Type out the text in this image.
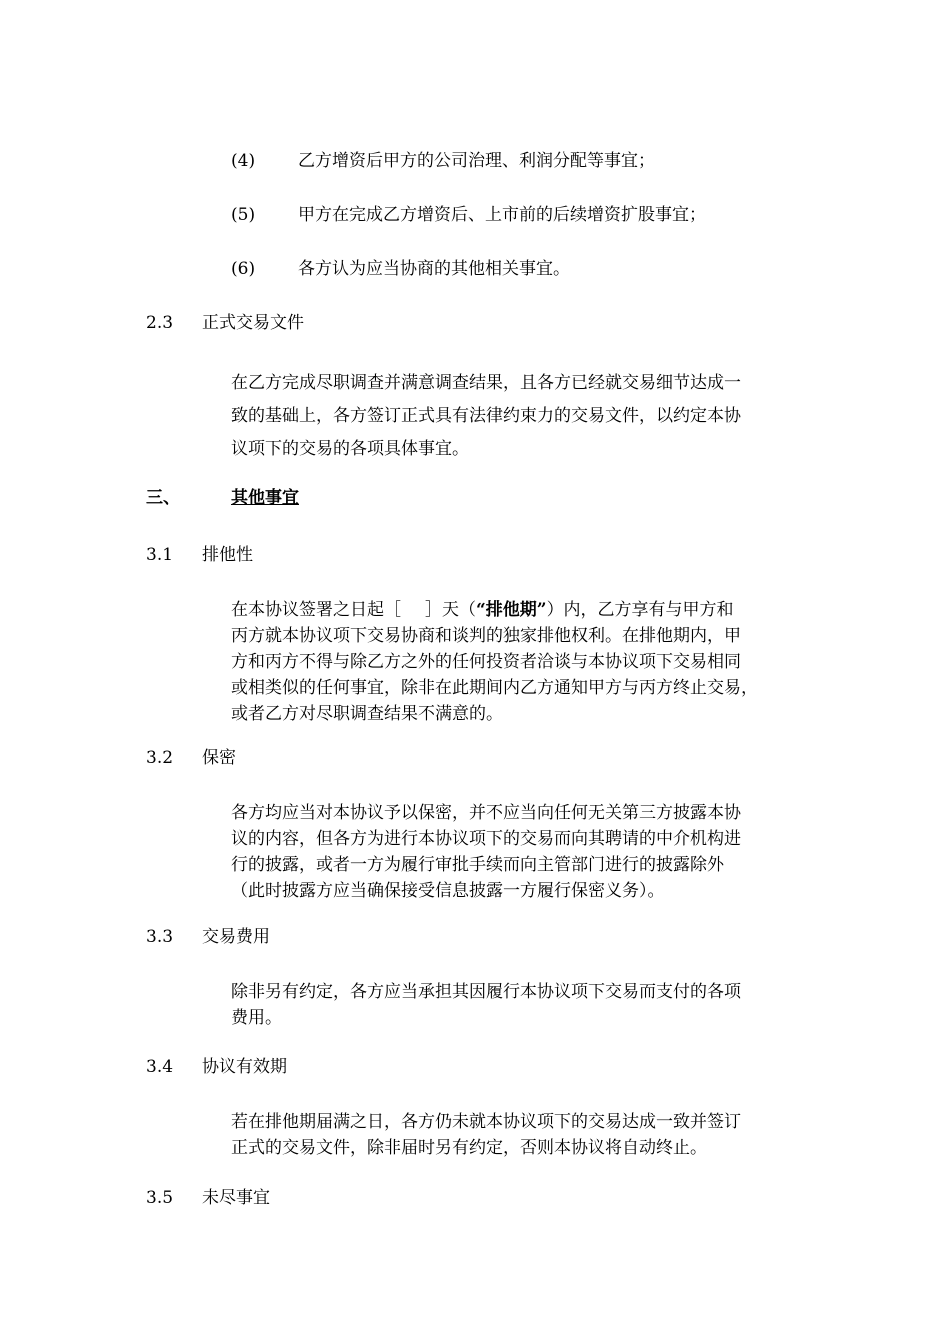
(4)	乙方增资后甲方的公司治理、利润分配等事宜；
(5)	甲方在完成乙方增资后、上市前的后续增资扩股事宜；
(6)	各方认为应当协商的其他相关事宜。
2.3 正式交易文件
在乙方完成尽职调查并满意调查结果，且各方已经就交易细节达成一
致的基础上，各方签订正式具有法律约束力的交易文件，以约定本协
议项下的交易的各项具体事宜。
三、	其他事宜
3.1 排他性
在本协议签署之日起［ ］天（“排他期”）内，乙方享有与甲方和
丙方就本协议项下交易协商和谈判的独家排他权利。在排他期内，甲
方和丙方不得与除乙方之外的任何投资者洽谈与本协议项下交易相同
或相类似的任何事宜，除非在此期间内乙方通知甲方与丙方终止交易，
或者乙方对尽职调查结果不满意的。
3.2 保密
各方均应当对本协议予以保密，并不应当向任何无关第三方披露本协
议的内容，但各方为进行本协议项下的交易而向其聘请的中介机构进
行的披露，或者一方为履行审批手续而向主管部门进行的披露除外
（此时披露方应当确保接受信息披露一方履行保密义务）。
3.3 交易费用
除非另有约定，各方应当承担其因履行本协议项下交易而支付的各项
费用。
3.4 协议有效期
若在排他期届满之日，各方仍未就本协议项下的交易达成一致并签订
正式的交易文件，除非届时另有约定，否则本协议将自动终止。
3.5 未尽事宜
